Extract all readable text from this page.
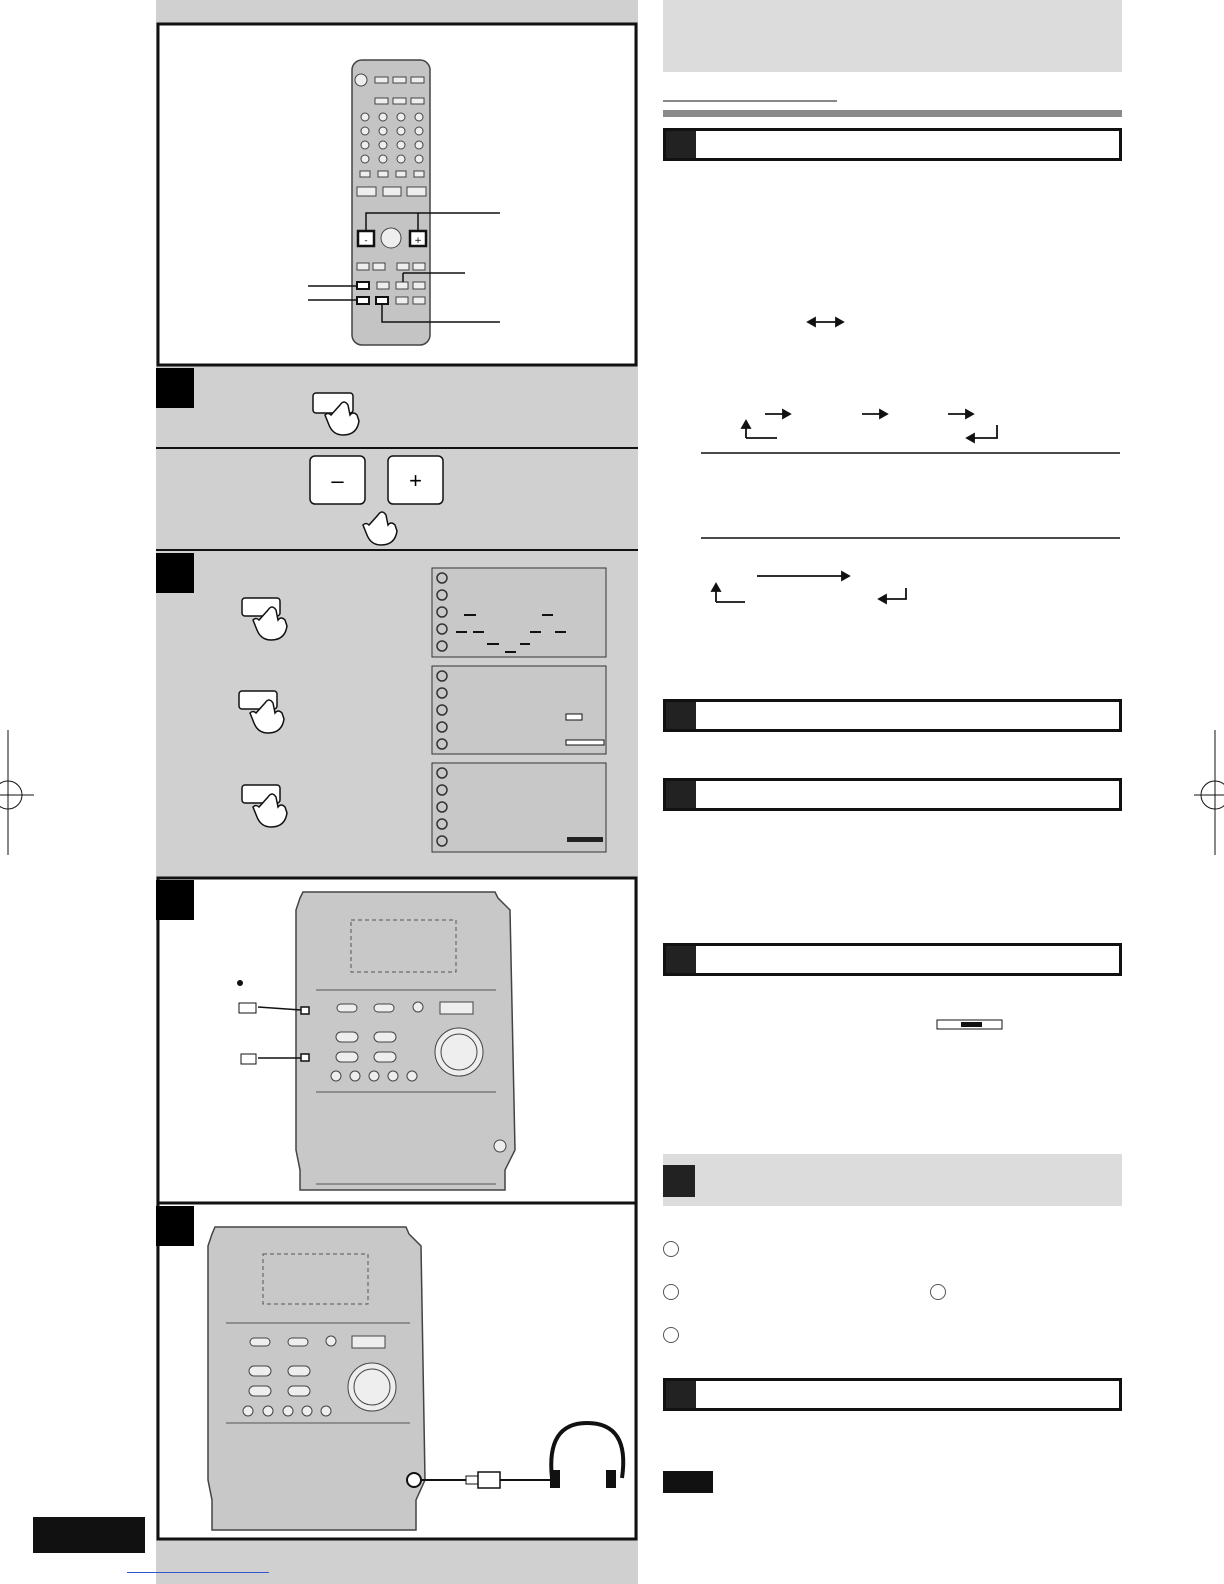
-	+
–	+
